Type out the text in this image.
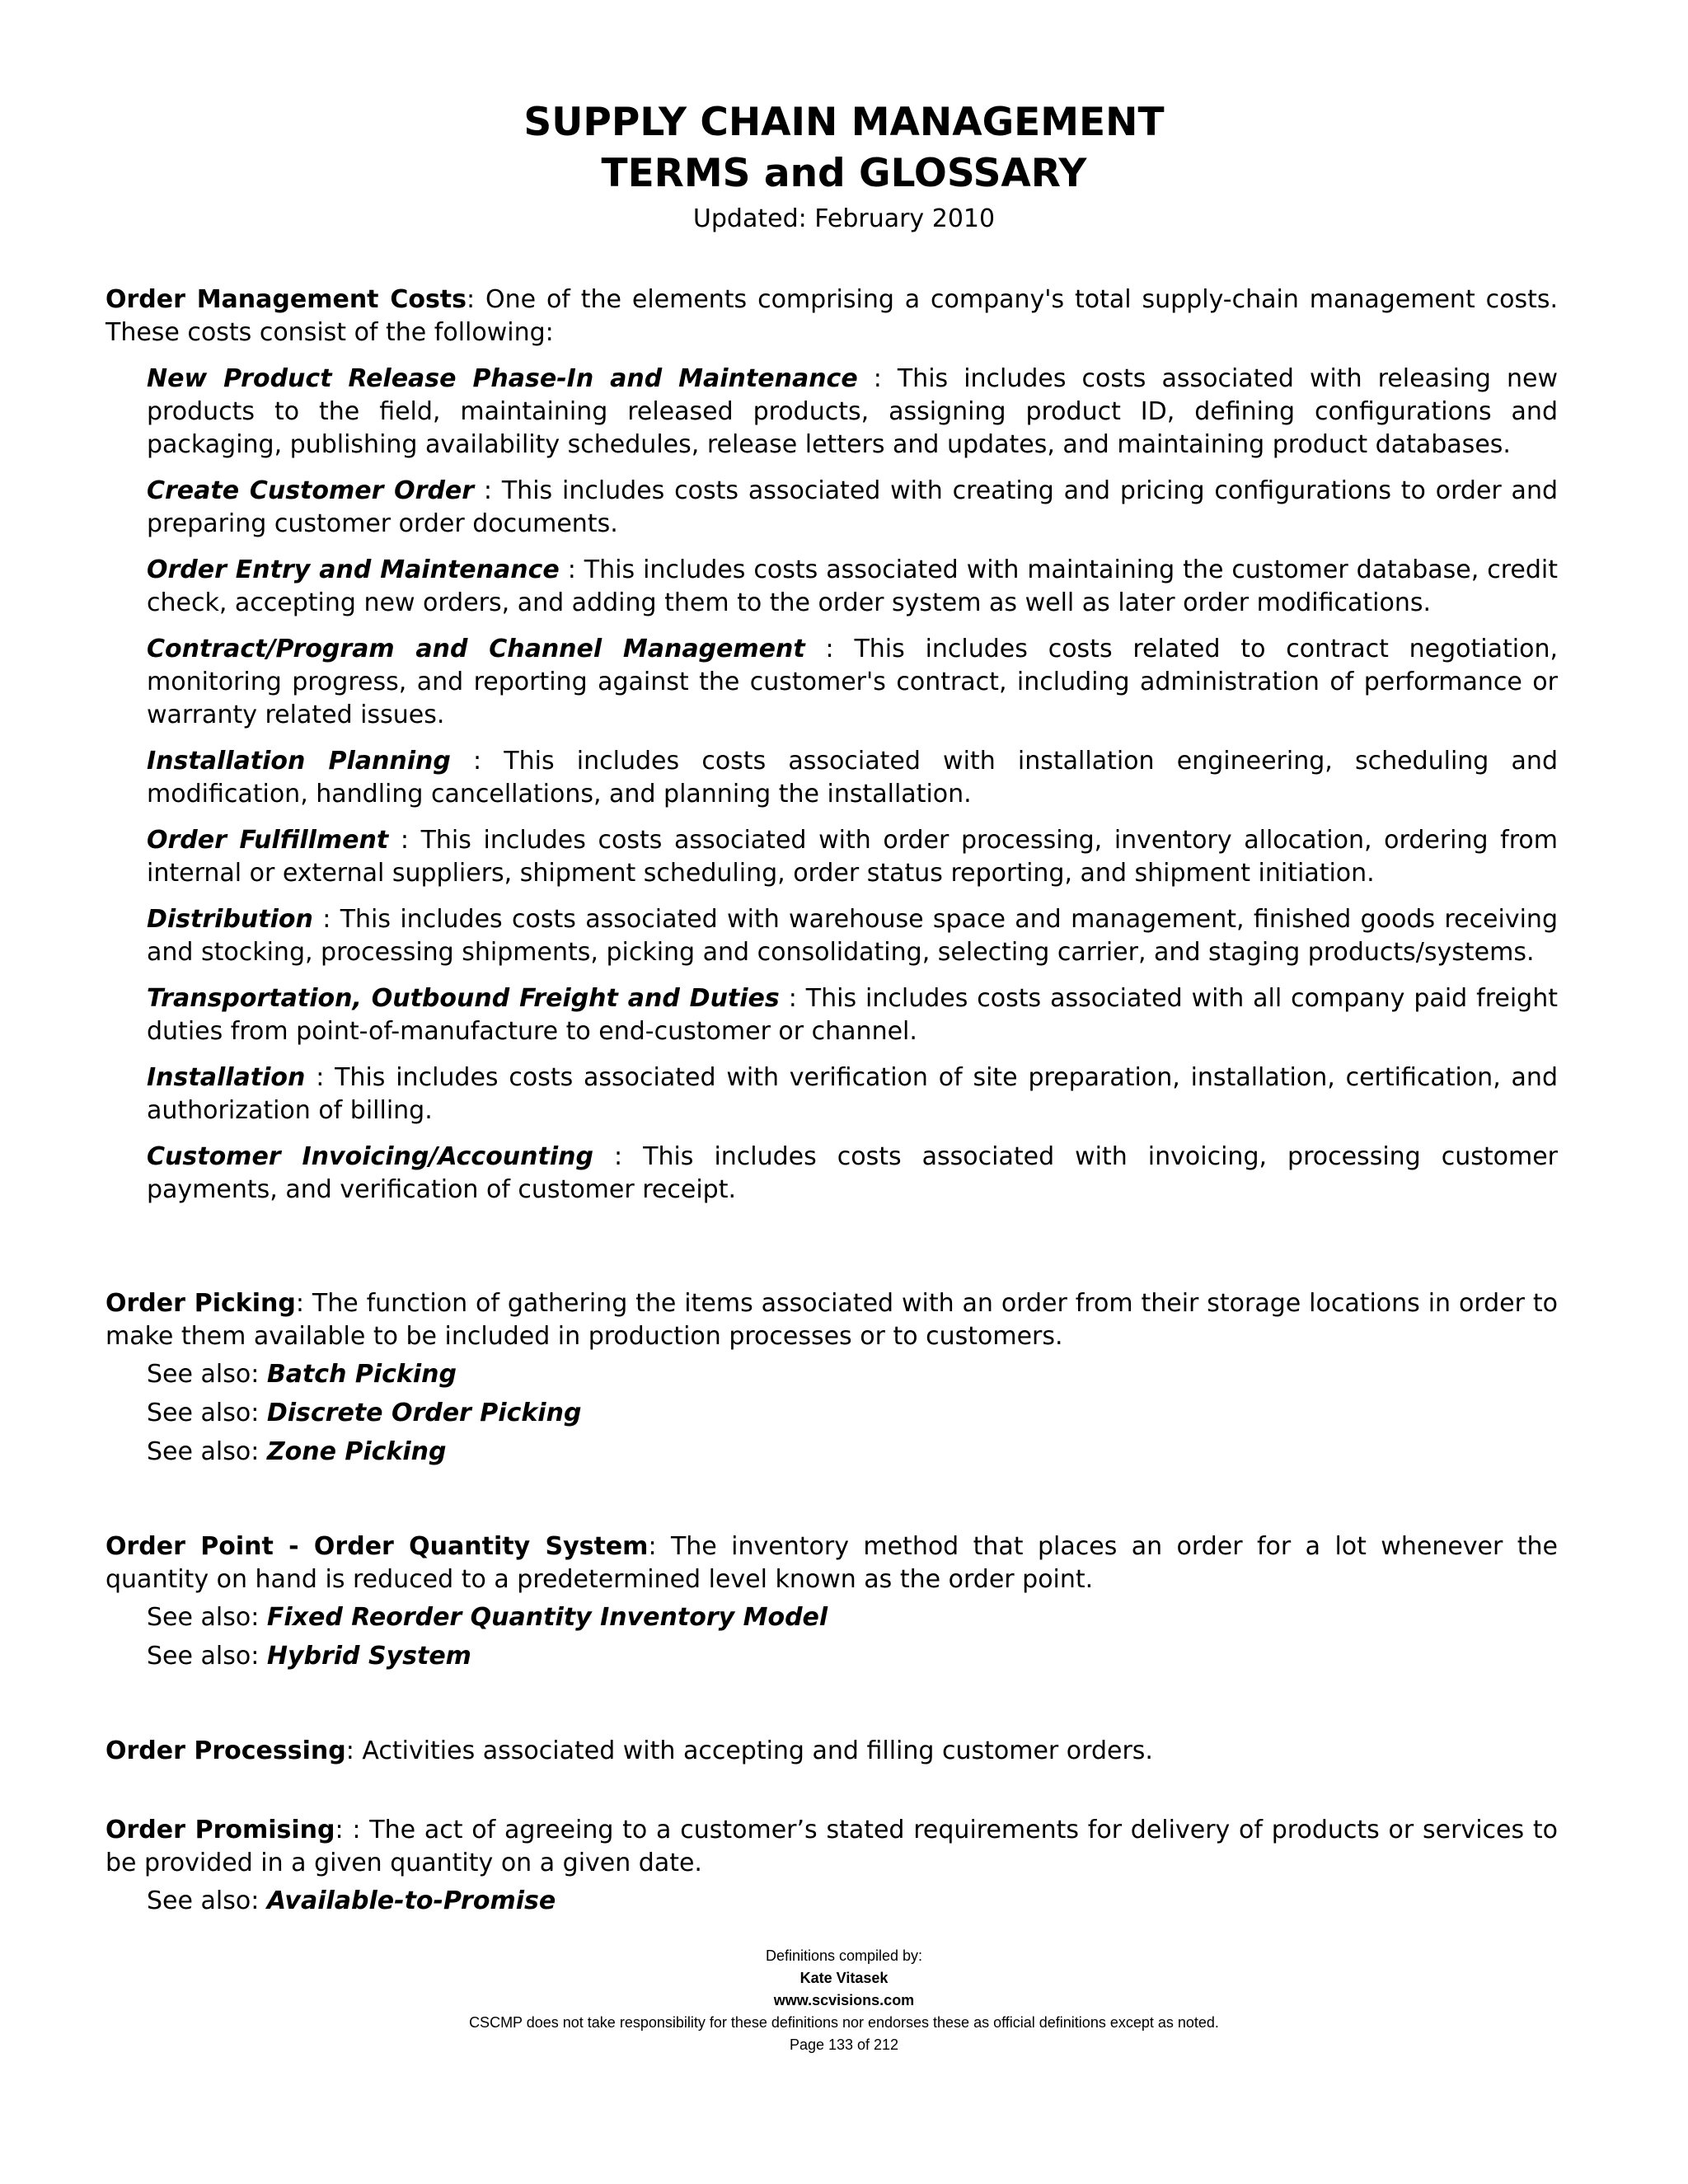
SUPPLY CHAIN MANAGEMENT

TERMS and GLOSSARY

Updated: February 2010

Order Management Costs: One of the elements comprising a company's total supply-chain management costs. These costs consist of the following:

New Product Release Phase-In and Maintenance : This includes costs associated with releasing new products to the field, maintaining released products, assigning product ID, defining configurations and packaging, publishing availability schedules, release letters and updates, and maintaining product databases.

Create Customer Order : This includes costs associated with creating and pricing configurations to order and preparing customer order documents.

Order Entry and Maintenance : This includes costs associated with maintaining the customer database, credit check, accepting new orders, and adding them to the order system as well as later order modifications.

Contract/Program and Channel Management : This includes costs related to contract negotiation, monitoring progress, and reporting against the customer's contract, including administration of performance or warranty related issues.

Installation Planning : This includes costs associated with installation engineering, scheduling and modification, handling cancellations, and planning the installation.

Order Fulfillment : This includes costs associated with order processing, inventory allocation, ordering from internal or external suppliers, shipment scheduling, order status reporting, and shipment initiation.

Distribution : This includes costs associated with warehouse space and management, finished goods receiving and stocking, processing shipments, picking and consolidating, selecting carrier, and staging products/systems.

Transportation, Outbound Freight and Duties : This includes costs associated with all company paid freight duties from point-of-manufacture to end-customer or channel.

Installation : This includes costs associated with verification of site preparation, installation, certification, and authorization of billing.

Customer Invoicing/Accounting : This includes costs associated with invoicing, processing customer payments, and verification of customer receipt.

Order Picking: The function of gathering the items associated with an order from their storage locations in order to make them available to be included in production processes or to customers.

See also: Batch Picking

See also: Discrete Order Picking

See also: Zone Picking

Order Point - Order Quantity System: The inventory method that places an order for a lot whenever the quantity on hand is reduced to a predetermined level known as the order point.

See also: Fixed Reorder Quantity Inventory Model

See also: Hybrid System

Order Processing: Activities associated with accepting and filling customer orders.

Order Promising: : The act of agreeing to a customer’s stated requirements for delivery of products or services to be provided in a given quantity on a given date.

See also: Available-to-Promise

Definitions compiled by:
Kate Vitasek
www.scvisions.com
CSCMP does not take responsibility for these definitions nor endorses these as official definitions except as noted.
Page 133 of 212
